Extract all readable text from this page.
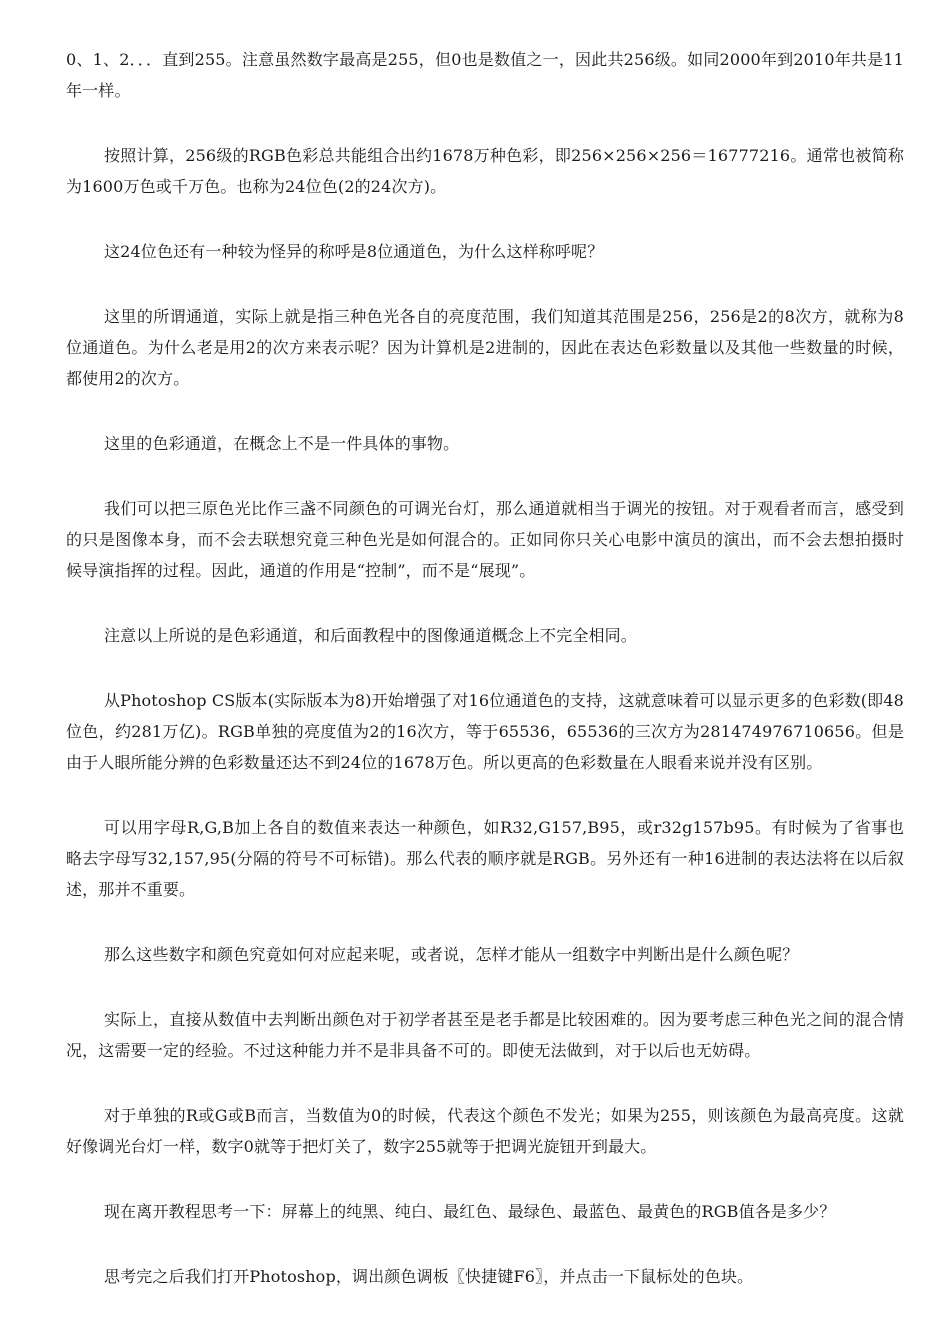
0、1、2．．．直到255。注意虽然数字最高是255，但0也是数值之一，因此共256级。如同2000年到2010年共是11年一样。

按照计算，256级的RGB色彩总共能组合出约1678万种色彩，即256×256×256＝16777216。通常也被简称为1600万色或千万色。也称为24位色(2的24次方)。

这24位色还有一种较为怪异的称呼是8位通道色，为什么这样称呼呢？

这里的所谓通道，实际上就是指三种色光各自的亮度范围，我们知道其范围是256，256是2的8次方，就称为8位通道色。为什么老是用2的次方来表示呢？因为计算机是2进制的，因此在表达色彩数量以及其他一些数量的时候，都使用2的次方。

这里的色彩通道，在概念上不是一件具体的事物。

我们可以把三原色光比作三盏不同颜色的可调光台灯，那么通道就相当于调光的按钮。对于观看者而言，感受到的只是图像本身，而不会去联想究竟三种色光是如何混合的。正如同你只关心电影中演员的演出，而不会去想拍摄时候导演指挥的过程。因此，通道的作用是“控制”，而不是“展现”。

注意以上所说的是色彩通道，和后面教程中的图像通道概念上不完全相同。

从Photoshop CS版本(实际版本为8)开始增强了对16位通道色的支持，这就意味着可以显示更多的色彩数(即48位色，约281万亿)。RGB单独的亮度值为2的16次方，等于65536，65536的三次方为281474976710656。但是由于人眼所能分辨的色彩数量还达不到24位的1678万色。所以更高的色彩数量在人眼看来说并没有区别。

可以用字母R,G,B加上各自的数值来表达一种颜色，如R32,G157,B95，或r32g157b95。有时候为了省事也略去字母写32,157,95(分隔的符号不可标错)。那么代表的顺序就是RGB。另外还有一种16进制的表达法将在以后叙述，那并不重要。

那么这些数字和颜色究竟如何对应起来呢，或者说，怎样才能从一组数字中判断出是什么颜色呢？

实际上，直接从数值中去判断出颜色对于初学者甚至是老手都是比较困难的。因为要考虑三种色光之间的混合情况，这需要一定的经验。不过这种能力并不是非具备不可的。即使无法做到，对于以后也无妨碍。

对于单独的R或G或B而言，当数值为0的时候，代表这个颜色不发光；如果为255，则该颜色为最高亮度。这就好像调光台灯一样，数字0就等于把灯关了，数字255就等于把调光旋钮开到最大。

现在离开教程思考一下：屏幕上的纯黑、纯白、最红色、最绿色、最蓝色、最黄色的RGB值各是多少？

思考完之后我们打开Photoshop，调出颜色调板〖快捷键F6〗，并点击一下鼠标处的色块。
